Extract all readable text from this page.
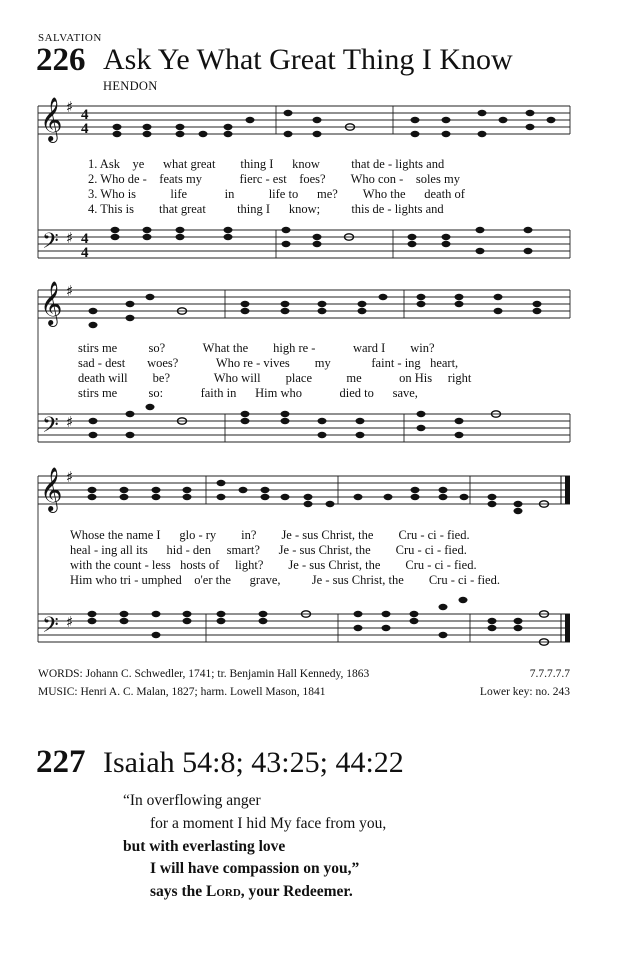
SALVATION
226 Ask Ye What Great Thing I Know
HENDON
𝄞
𝄢
𝄞
𝄢
𝄞
𝄢
♯
♯
♯
♯
♯
♯
4
4
4
4
1. Ask ye what great thing I know	that de - lights and
2. Who de - feats my	fierc - est foes? Who con - soles my
3. Who is	life	in	life to me? Who the death of
4. This is that great	thing I know;	this de - lights and
stirs me	so?	What the high re -	ward I win?
sad - dest woes?	Who re - vives my	faint - ing heart,
death will be?	Who will place	me	on His right
stirs me	so:	faith in Him who	died to save,
Whose the name I glo - ry in? Je - sus Christ, the Cru - ci - fied.
heal - ing all its hid - den smart? Je - sus Christ, the Cru - ci - fied.
with the count - less hosts of light? Je - sus Christ, the Cru - ci - fied.
Him who tri - umphed o'er the grave,	Je - sus Christ, the Cru - ci - fied.
WORDS: Johann C. Schwedler, 1741; tr. Benjamin Hall Kennedy, 1863
MUSIC: Henri A. C. Malan, 1827; harm. Lowell Mason, 1841
7.7.7.7.7
Lower key: no. 243
227 Isaiah 54:8; 43:25; 44:22
“In overflowing anger
for a moment I hid My face from you,
but with everlasting love
I will have compassion on you,”
says the Lord, your Redeemer.
